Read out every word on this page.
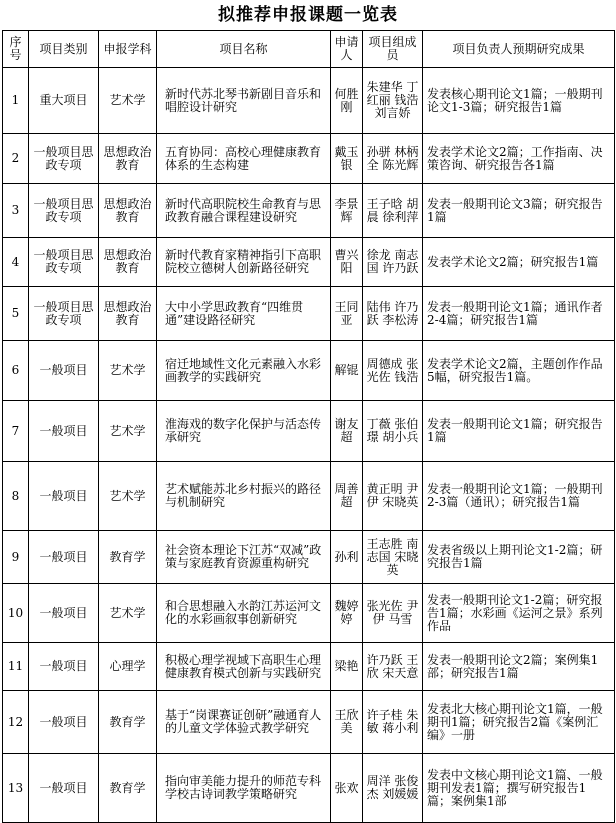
拟推荐申报课题一览表
序号	项目类别	申报学科	项目名称	申请人	项目组成员	项目负责人预期研究成果
1	重大项目	艺术学	新时代苏北琴书新剧目音乐和唱腔设计研究	何胜刚	朱建华 丁红丽 钱浩 刘言娇	发表核心期刊论文1篇；一般期刊论文1-3篇；研究报告1篇
2	一般项目思政专项	思想政治教育	五育协同：高校心理健康教育体系的生态构建	戴玉银	孙骈 林柄全 陈光辉	发表学术论文2篇；工作指南、决策咨询、研究报告各1篇
3	一般项目思政专项	思想政治教育	新时代高职院校生命教育与思政教育融合课程建设研究	李景辉	王子晗 胡晨 徐利萍	发表一般期刊论文3篇；研究报告1篇
4	一般项目思政专项	思想政治教育	新时代教育家精神指引下高职院校立德树人创新路径研究	曹兴阳	徐龙 南志国 许乃跃	发表学术论文2篇；研究报告1篇
5	一般项目思政专项	思想政治教育	大中小学思政教育“四维贯通”建设路径研究	王同亚	陆伟 许乃跃 李松涛	发表一般期刊论文1篇；通讯作者2-4篇；研究报告1篇
6	一般项目	艺术学	宿迁地域性文化元素融入水彩画教学的实践研究	解锟	周德成 张光佐 钱浩	发表学术论文2篇，主题创作作品5幅，研究报告1篇。
7	一般项目	艺术学	淮海戏的数字化保护与活态传承研究	谢友超	丁薇 张伯璟 胡小兵	发表一般期刊论文1篇；研究报告1篇
8	一般项目	艺术学	艺术赋能苏北乡村振兴的路径与机制研究	周善超	黄正明 尹伊 宋晓英	发表一般期刊论文1篇；一般期刊2-3篇（通讯）；研究报告1篇
9	一般项目	教育学	社会资本理论下江苏“双减”政策与家庭教育资源重构研究	孙利	王志胜 南志国 宋晓英	发表省级以上期刊论文1-2篇；研究报告1篇
10	一般项目	艺术学	和合思想融入水韵江苏运河文化的水彩画叙事创新研究	魏婷婷	张光佐 尹伊 马雪	发表一般期刊论文1-2篇；研究报告1篇；水彩画《运河之景》系列作品
11	一般项目	心理学	积极心理学视域下高职生心理健康教育模式创新与实践研究	梁艳	许乃跃 王欣 宋天意	发表一般期刊论文2篇；案例集1部；研究报告1篇
12	一般项目	教育学	基于“岗课赛证创研”融通育人的儿童文学体验式教学研究	王欣美	许子桂 朱敏 蒋小利	发表北大核心期刊论文1篇，一般期刊1篇；研究报告2篇《案例汇编》一册
13	一般项目	教育学	指向审美能力提升的师范专科学校古诗词教学策略研究	张欢	周洋 张俊杰 刘媛媛	发表中文核心期刊论文1篇、一般期刊发表1篇；撰写研究报告1篇；案例集1部
